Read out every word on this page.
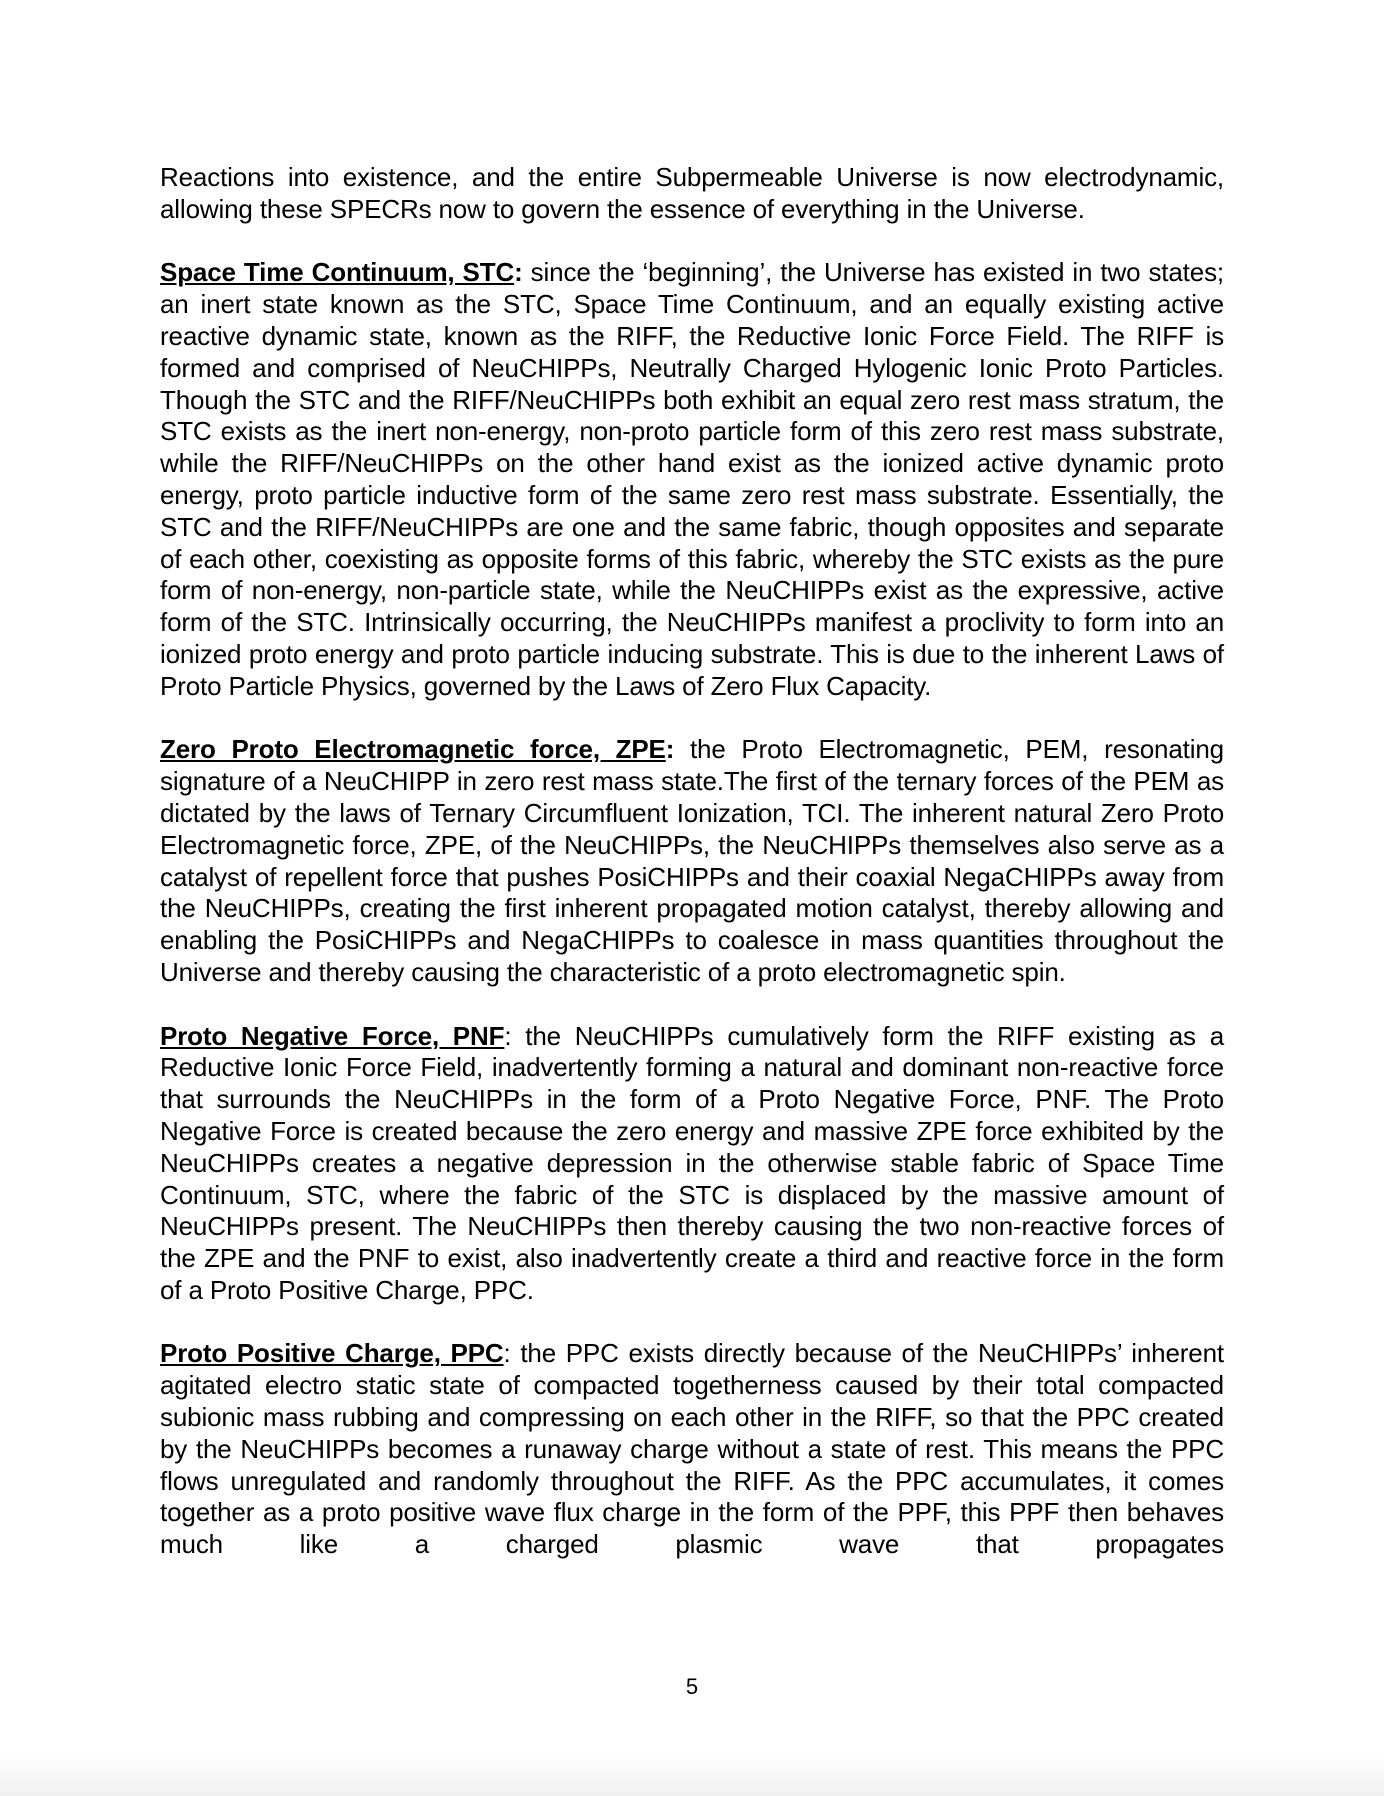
Reactions into existence, and the entire Subpermeable Universe is now electrodynamic, allowing these SPECRs now to govern the essence of everything in the Universe.

Space Time Continuum, STC: since the ‘beginning’, the Universe has existed in two states; an inert state known as the STC, Space Time Continuum, and an equally existing active reactive dynamic state, known as the RIFF, the Reductive Ionic Force Field. The RIFF is formed and comprised of NeuCHIPPs, Neutrally Charged Hylogenic Ionic Proto Particles. Though the STC and the RIFF/NeuCHIPPs both exhibit an equal zero rest mass stratum, the STC exists as the inert non-energy, non-proto particle form of this zero rest mass substrate, while the RIFF/NeuCHIPPs on the other hand exist as the ionized active dynamic proto energy, proto particle inductive form of the same zero rest mass substrate. Essentially, the STC and the RIFF/NeuCHIPPs are one and the same fabric, though opposites and separate of each other, coexisting as opposite forms of this fabric, whereby the STC exists as the pure form of non-energy, non-particle state, while the NeuCHIPPs exist as the expressive, active form of the STC. Intrinsically occurring, the NeuCHIPPs manifest a proclivity to form into an ionized proto energy and proto particle inducing substrate. This is due to the inherent Laws of Proto Particle Physics, governed by the Laws of Zero Flux Capacity.

Zero Proto Electromagnetic force, ZPE: the Proto Electromagnetic, PEM, resonating signature of a NeuCHIPP in zero rest mass state.The first of the ternary forces of the PEM as dictated by the laws of Ternary Circumfluent Ionization, TCI. The inherent natural Zero Proto Electromagnetic force, ZPE, of the NeuCHIPPs, the NeuCHIPPs themselves also serve as a catalyst of repellent force that pushes PosiCHIPPs and their coaxial NegaCHIPPs away from the NeuCHIPPs, creating the first inherent propagated motion catalyst, thereby allowing and enabling the PosiCHIPPs and NegaCHIPPs to coalesce in mass quantities throughout the Universe and thereby causing the characteristic of a proto electromagnetic spin.

Proto Negative Force, PNF: the NeuCHIPPs cumulatively form the RIFF existing as a Reductive Ionic Force Field, inadvertently forming a natural and dominant non-reactive force that surrounds the NeuCHIPPs in the form of a Proto Negative Force, PNF. The Proto Negative Force is created because the zero energy and massive ZPE force exhibited by the NeuCHIPPs creates a negative depression in the otherwise stable fabric of Space Time Continuum, STC, where the fabric of the STC is displaced by the massive amount of NeuCHIPPs present. The NeuCHIPPs then thereby causing the two non-reactive forces of the ZPE and the PNF to exist, also inadvertently create a third and reactive force in the form of a Proto Positive Charge, PPC.

Proto Positive Charge, PPC: the PPC exists directly because of the NeuCHIPPs’ inherent agitated electro static state of compacted togetherness caused by their total compacted subionic mass rubbing and compressing on each other in the RIFF, so that the PPC created by the NeuCHIPPs becomes a runaway charge without a state of rest. This means the PPC flows unregulated and randomly throughout the RIFF. As the PPC accumulates, it comes together as a proto positive wave flux charge in the form of the PPF, this PPF then behaves much like a charged plasmic wave that propagates

5
